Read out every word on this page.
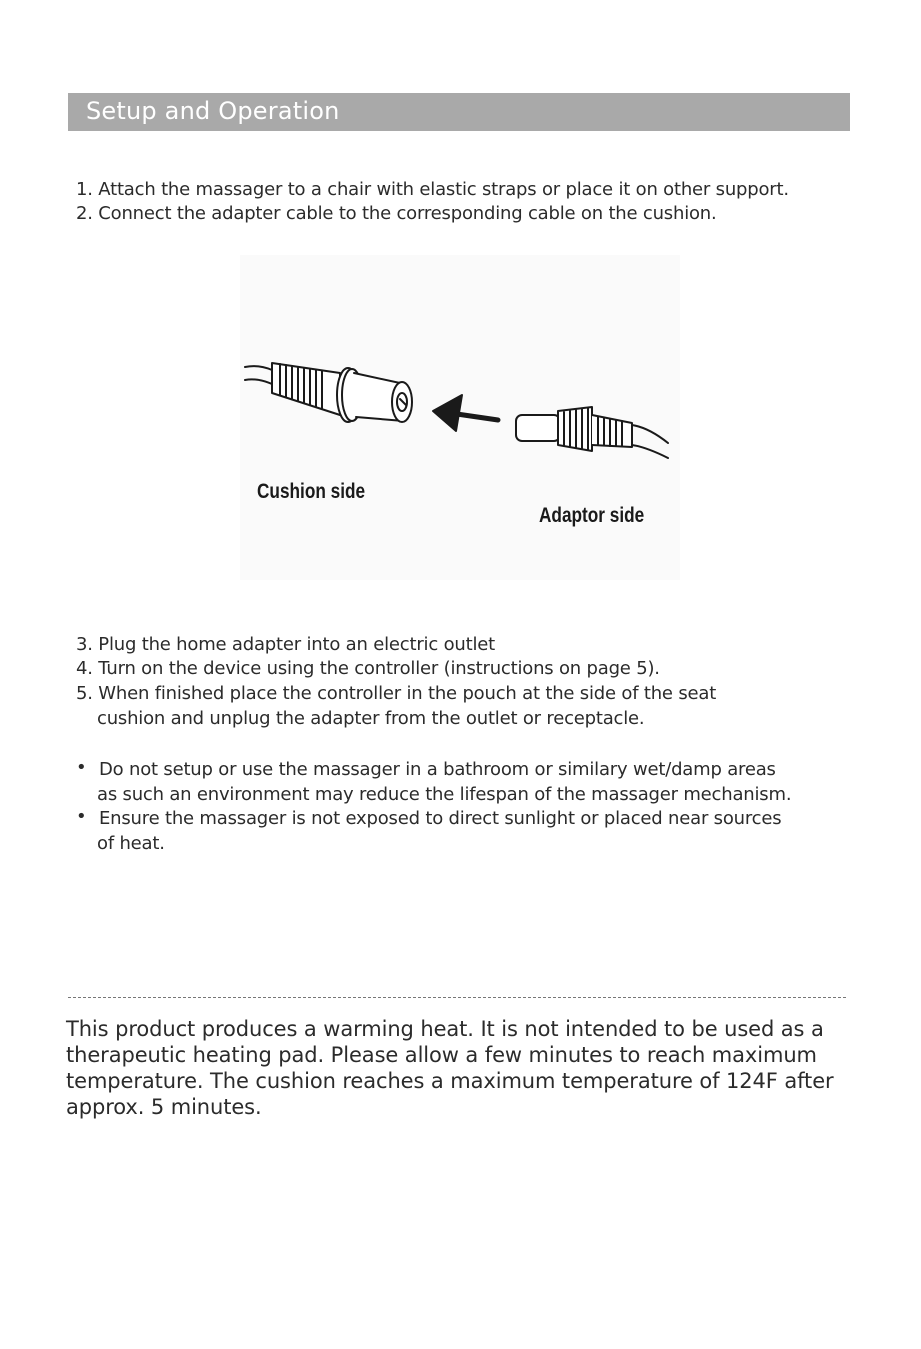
Setup and Operation
1. Attach the massager to a chair with elastic straps or place it on other support.
2. Connect the adapter cable to the corresponding cable on the cushion.
Cushion side
Adaptor side
3. Plug the home adapter into an electric outlet
4. Turn on the device using the controller (instructions on page 5).
5. When finished place the controller in the pouch at the side of the seat
cushion and unplug the adapter from the outlet or receptacle.
• Do not setup or use the massager in a bathroom or similary wet/damp areas
as such an environment may reduce the lifespan of the massager mechanism.
• Ensure the massager is not exposed to direct sunlight or placed near sources
of heat.
This product produces a warming heat. It is not intended to be used as a
therapeutic heating pad. Please allow a few minutes to reach maximum
temperature. The cushion reaches a maximum temperature of 124F after
approx. 5 minutes.
